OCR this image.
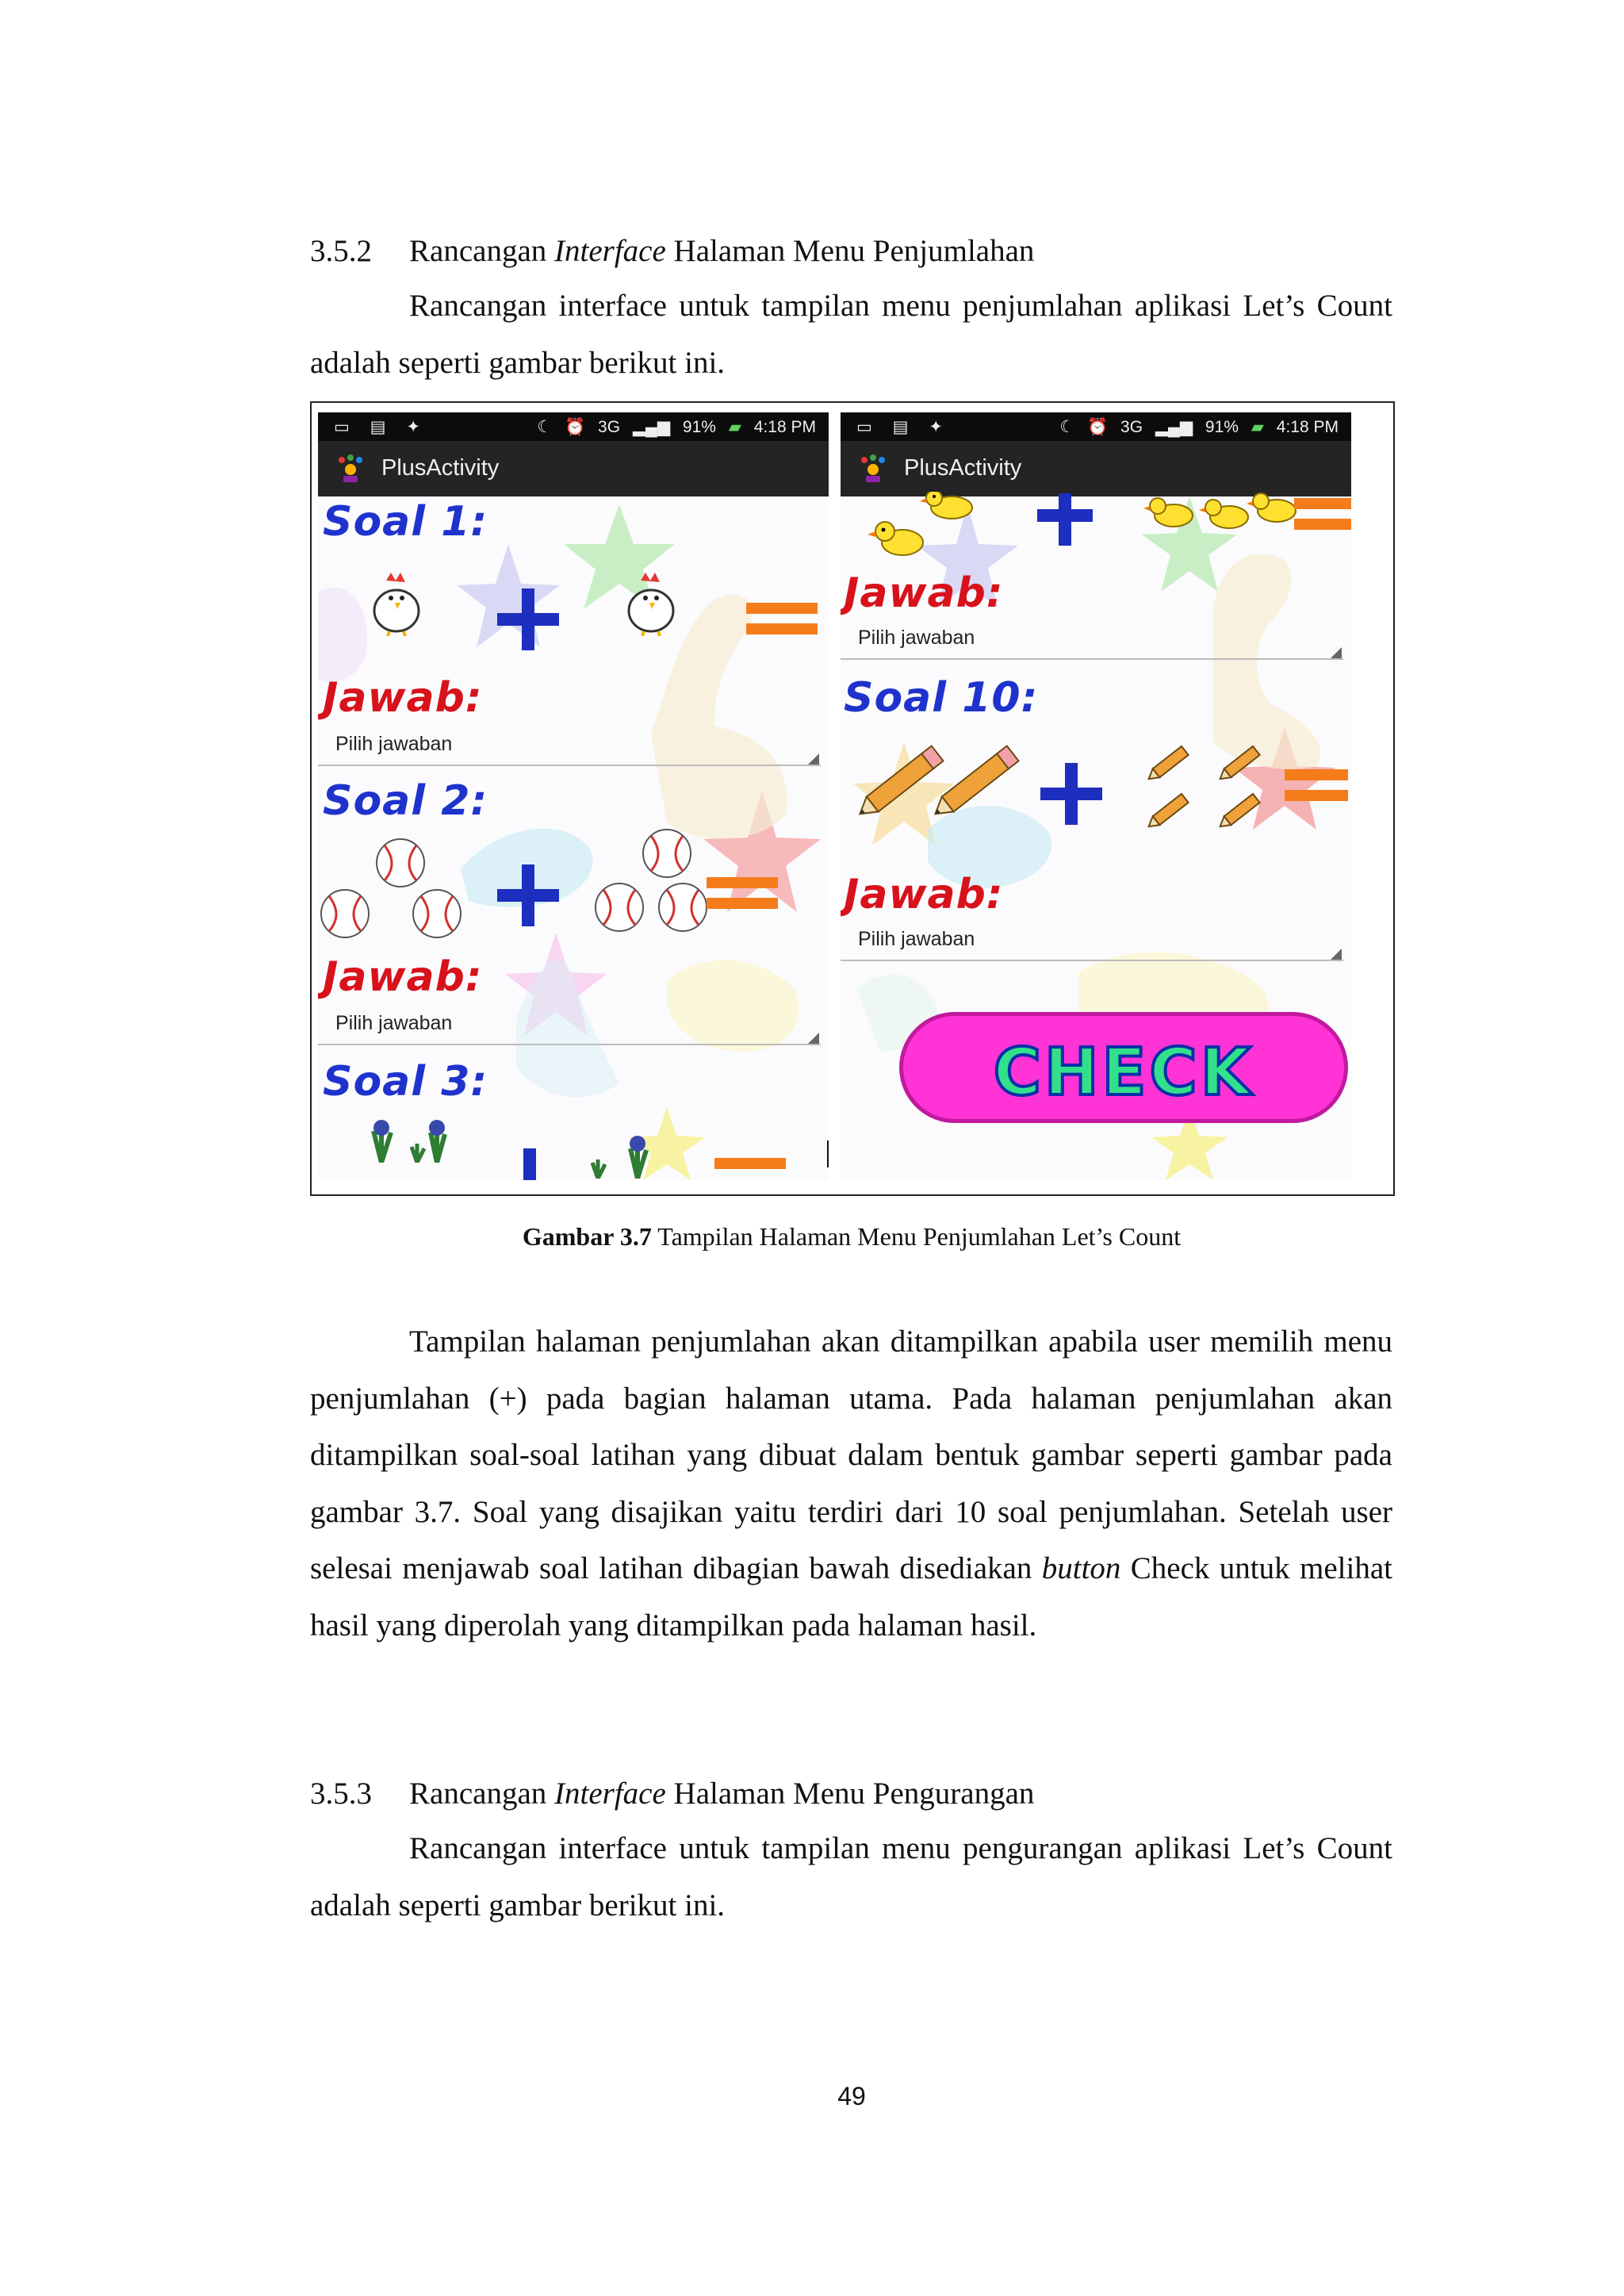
3.5.2 Rancangan Interface Halaman Menu Penjumlahan

Rancangan interface untuk tampilan menu penjumlahan aplikasi Let’s Count adalah seperti gambar berikut ini.

▭ ▤ ✦	☾ ⏰ 3G ▂▄▆ 91% ▰ 4:18 PM
PlusActivity
Soal 1:
Jawab:
Pilih jawaban
Soal 2:
Jawab:
Pilih jawaban
Soal 3:
▭ ▤ ✦	☾ ⏰ 3G ▂▄▆ 91% ▰ 4:18 PM
PlusActivity
Jawab:
Pilih jawaban
Soal 10:
Jawab:
Pilih jawaban
CHECK
Gambar 3.7 Tampilan Halaman Menu Penjumlahan Let’s Count

Tampilan halaman penjumlahan akan ditampilkan apabila user memilih menu penjumlahan (+) pada bagian halaman utama. Pada halaman penjumlahan akan ditampilkan soal-soal latihan yang dibuat dalam bentuk gambar seperti gambar pada gambar 3.7. Soal yang disajikan yaitu terdiri dari 10 soal penjumlahan. Setelah user selesai menjawab soal latihan dibagian bawah disediakan button Check untuk melihat hasil yang diperolah yang ditampilkan pada halaman hasil.

3.5.3 Rancangan Interface Halaman Menu Pengurangan

Rancangan interface untuk tampilan menu pengurangan aplikasi Let’s Count adalah seperti gambar berikut ini.

49
